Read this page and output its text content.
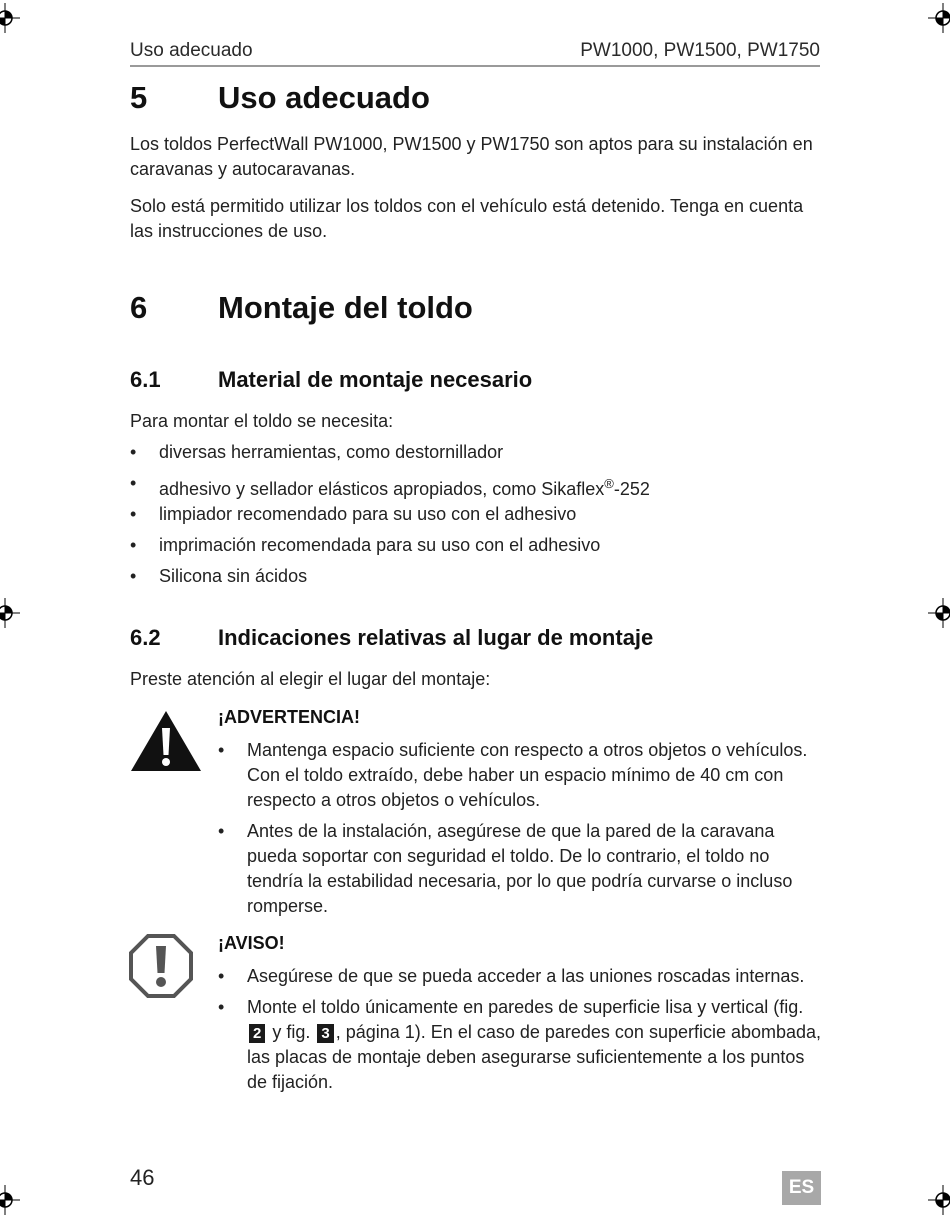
Uso adecuado	PW1000, PW1500, PW1750
5 Uso adecuado
Los toldos PerfectWall PW1000, PW1500 y PW1750 son aptos para su instalación en caravanas y autocaravanas.
Solo está permitido utilizar los toldos con el vehículo está detenido. Tenga en cuenta las instrucciones de uso.
6 Montaje del toldo
6.1	Material de montaje necesario
Para montar el toldo se necesita:
• diversas herramientas, como destornillador
• adhesivo y sellador elásticos apropiados, como Sikaflex®-252
• limpiador recomendado para su uso con el adhesivo
• imprimación recomendada para su uso con el adhesivo
• Silicona sin ácidos
6.2	Indicaciones relativas al lugar de montaje
Preste atención al elegir el lugar del montaje:
¡ADVERTENCIA!
• Mantenga espacio suficiente con respecto a otros objetos o vehículos. Con el toldo extraído, debe haber un espacio mínimo de 40 cm con respecto a otros objetos o vehículos.
• Antes de la instalación, asegúrese de que la pared de la caravana pueda soportar con seguridad el toldo. De lo contrario, el toldo no tendría la estabilidad necesaria, por lo que podría curvarse o incluso romperse.
¡AVISO!
• Asegúrese de que se pueda acceder a las uniones roscadas internas.
• Monte el toldo únicamente en paredes de superficie lisa y vertical (fig. 2 y fig. 3 , página 1). En el caso de paredes con superficie abombada, las placas de montaje deben asegurarse suficientemente a los puntos de fijación.
46	ES
